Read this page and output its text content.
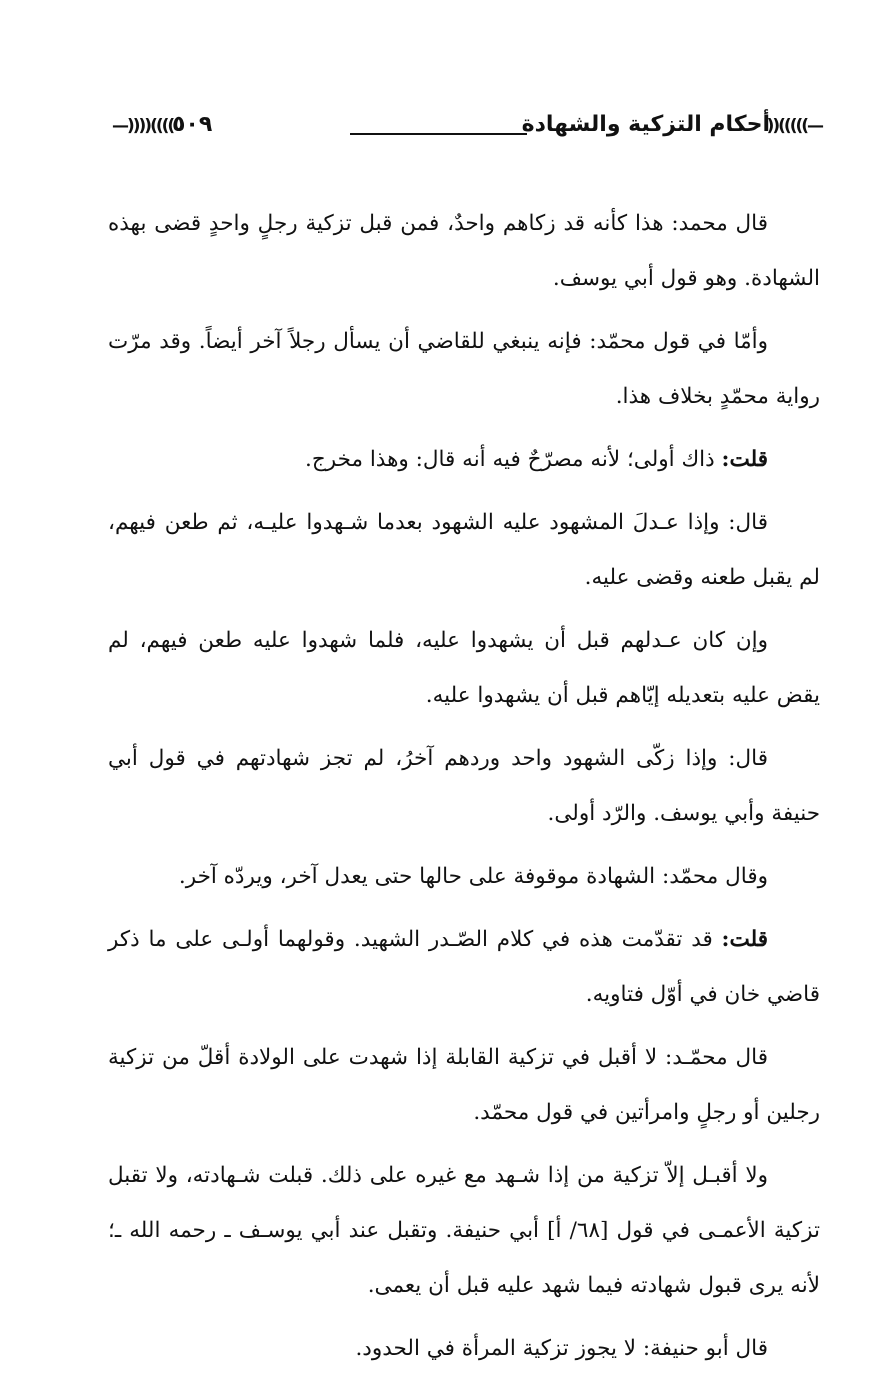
—)))))((
أحكام التزكية والشهادة
٥٠٩
))))((((—

قال محمد: هذا كأنه قد زكاهم واحدٌ، فمن قبل تزكية رجلٍ واحدٍ قضى بهذه الشهادة. وهو قول أبي يوسف.

وأمّا في قول محمّد: فإنه ينبغي للقاضي أن يسأل رجلاً آخر أيضاً. وقد مرّت رواية محمّدٍ بخلاف هذا.

قلت: ذاك أولى؛ لأنه مصرّحٌ فيه أنه قال: وهذا مخرج.

قال: وإذا عـدلَ المشهود عليه الشهود بعدما شـهدوا عليـه، ثم طعن فيهم، لم يقبل طعنه وقضى عليه.

وإن كان عـدلهم قبل أن يشهدوا عليه، فلما شهدوا عليه طعن فيهم، لم يقض عليه بتعديله إيّاهم قبل أن يشهدوا عليه.

قال: وإذا زكّى الشهود واحد وردهم آخرُ، لم تجز شهادتهم في قول أبي حنيفة وأبي يوسف. والرّد أولى.

وقال محمّد: الشهادة موقوفة على حالها حتى يعدل آخر، ويردّه آخر.

قلت: قد تقدّمت هذه في كلام الصّـدر الشهيد. وقولهما أولـى على ما ذكر قاضي خان في أوّل فتاويه.

قال محمّـد: لا أقبل في تزكية القابلة إذا شهدت على الولادة أقلّ من تزكية رجلين أو رجلٍ وامرأتين في قول محمّد.

ولا أقبـل إلاّ تزكية من إذا شـهد مع غيره على ذلك. قبلت شـهادته، ولا تقبل تزكية الأعمـى في قول [٦٨/ أ] أبي حنيفة. وتقبل عند أبي يوسـف ـ رحمه الله ـ؛ لأنه يرى قبول شهادته فيما شهد عليه قبل أن يعمى.

قال أبو حنيفة: لا يجوز تزكية المرأة في الحدود.
